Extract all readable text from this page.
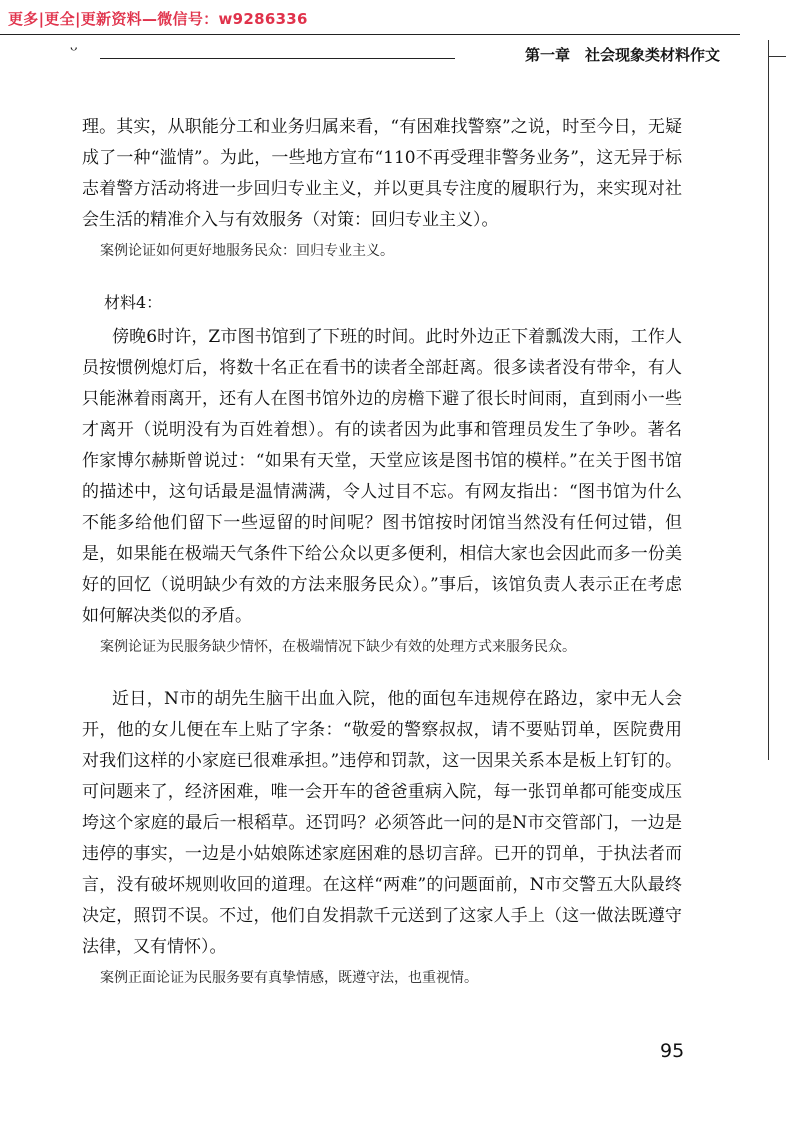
更多|更全|更新资料—微信号：w9286336
ᵕ	第一章　社会现象类材料作文

理。其实，从职能分工和业务归属来看，“有困难找警察”之说，时至今日，无疑成了一种“滥情”。为此，一些地方宣布“110不再受理非警务业务”，这无异于标志着警方活动将进一步回归专业主义，并以更具专注度的履职行为，来实现对社会生活的精准介入与有效服务（对策：回归专业主义）。

案例论证如何更好地服务民众：回归专业主义。

材料4：

傍晚6时许，Z市图书馆到了下班的时间。此时外边正下着瓢泼大雨，工作人员按惯例熄灯后，将数十名正在看书的读者全部赶离。很多读者没有带伞，有人只能淋着雨离开，还有人在图书馆外边的房檐下避了很长时间雨，直到雨小一些才离开（说明没有为百姓着想）。有的读者因为此事和管理员发生了争吵。著名作家博尔赫斯曾说过：“如果有天堂，天堂应该是图书馆的模样。”在关于图书馆的描述中，这句话最是温情满满，令人过目不忘。有网友指出：“图书馆为什么不能多给他们留下一些逗留的时间呢？图书馆按时闭馆当然没有任何过错，但是，如果能在极端天气条件下给公众以更多便利，相信大家也会因此而多一份美好的回忆（说明缺少有效的方法来服务民众）。”事后，该馆负责人表示正在考虑如何解决类似的矛盾。

案例论证为民服务缺少情怀，在极端情况下缺少有效的处理方式来服务民众。

近日，N市的胡先生脑干出血入院，他的面包车违规停在路边，家中无人会开，他的女儿便在车上贴了字条：“敬爱的警察叔叔，请不要贴罚单，医院费用对我们这样的小家庭已很难承担。”违停和罚款，这一因果关系本是板上钉钉的。可问题来了，经济困难，唯一会开车的爸爸重病入院，每一张罚单都可能变成压垮这个家庭的最后一根稻草。还罚吗？必须答此一问的是N市交管部门，一边是违停的事实，一边是小姑娘陈述家庭困难的恳切言辞。已开的罚单，于执法者而言，没有破坏规则收回的道理。在这样“两难”的问题面前，N市交警五大队最终决定，照罚不误。不过，他们自发捐款千元送到了这家人手上（这一做法既遵守法律，又有情怀）。

案例正面论证为民服务要有真挚情感，既遵守法，也重视情。

95
